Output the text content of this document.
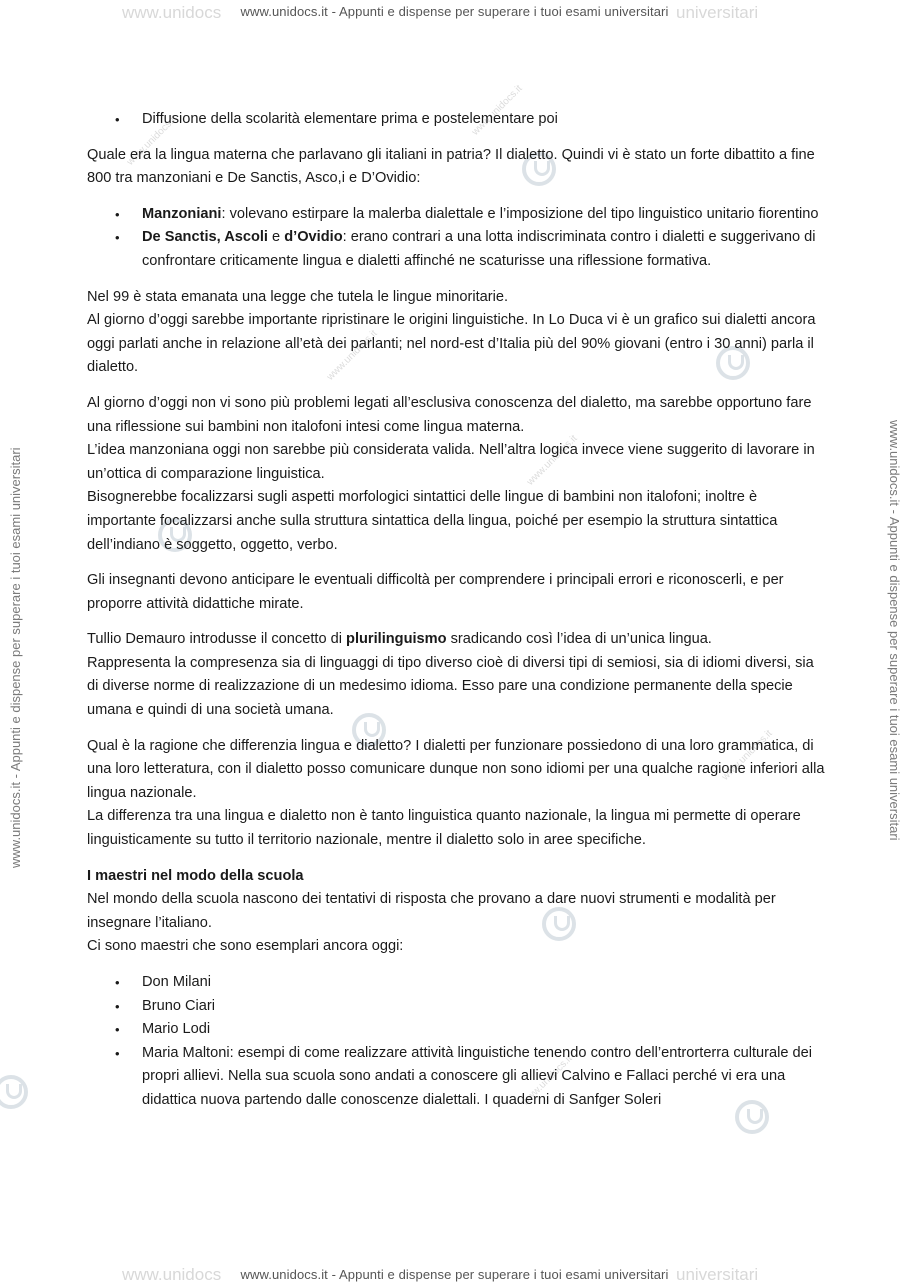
www.unidocs	universitari
www.unidocs	universitari
www.unidocs.it - Appunti e dispense per superare i tuoi esami universitari
www.unidocs.it - Appunti e dispense per superare i tuoi esami universitari
www.unidocs.it - Appunti e dispense per superare i tuoi esami universitari	www.unidocs.it - Appunti e dispense per superare i tuoi esami universitari
www.unidocs.it
www.unidocs.it
www.unidocs.it
www.unidocs.it
www.unidocs.it
www.unidocs.it
• Diffusione della scolarità elementare prima e postelementare poi

Quale era la lingua materna che parlavano gli italiani in patria? Il dialetto. Quindi vi è stato un forte dibattito a fine 800 tra manzoniani e De Sanctis, Asco,i e D’Ovidio:

• Manzoniani: volevano estirpare la malerba dialettale e l’imposizione del tipo linguistico unitario fiorentino
• De Sanctis, Ascoli e d’Ovidio: erano contrari a una lotta indiscriminata contro i dialetti e suggerivano di confrontare criticamente lingua e dialetti affinché ne scaturisse una riflessione formativa.

Nel 99 è stata emanata una legge che tutela le lingue minoritarie.

Al giorno d’oggi sarebbe importante ripristinare le origini linguistiche. In Lo Duca vi è un grafico sui dialetti ancora oggi parlati anche in relazione all’età dei parlanti; nel nord-est d’Italia più del 90% giovani (entro i 30 anni) parla il dialetto.

Al giorno d’oggi non vi sono più problemi legati all’esclusiva conoscenza del dialetto, ma sarebbe opportuno fare una riflessione sui bambini non italofoni intesi come lingua materna.

L’idea manzoniana oggi non sarebbe più considerata valida. Nell’altra logica invece viene suggerito di lavorare in un’ottica di comparazione linguistica.

Bisognerebbe focalizzarsi sugli aspetti morfologici sintattici delle lingue di bambini non italofoni; inoltre è importante focalizzarsi anche sulla struttura sintattica della lingua, poiché per esempio la struttura sintattica dell’indiano è soggetto, oggetto, verbo.

Gli insegnanti devono anticipare le eventuali difficoltà per comprendere i principali errori e riconoscerli, e per proporre attività didattiche mirate.

Tullio Demauro introdusse il concetto di plurilinguismo sradicando così l’idea di un’unica lingua.

Rappresenta la compresenza sia di linguaggi di tipo diverso cioè di diversi tipi di semiosi, sia di idiomi diversi, sia di diverse norme di realizzazione di un medesimo idioma. Esso pare una condizione permanente della specie umana e quindi di una società umana.

Qual è la ragione che differenzia lingua e dialetto? I dialetti per funzionare possiedono di una loro grammatica, di una loro letteratura, con il dialetto posso comunicare dunque non sono idiomi per una qualche ragione inferiori alla lingua nazionale.

La differenza tra una lingua e dialetto non è tanto linguistica quanto nazionale, la lingua mi permette di operare linguisticamente su tutto il territorio nazionale, mentre il dialetto solo in aree specifiche.

I maestri nel modo della scuola

Nel mondo della scuola nascono dei tentativi di risposta che provano a dare nuovi strumenti e modalità per insegnare l’italiano.

Ci sono maestri che sono esemplari ancora oggi:

• Don Milani
• Bruno Ciari
• Mario Lodi
• Maria Maltoni: esempi di come realizzare attività linguistiche tenendo contro dell’entrorterra culturale dei propri allievi. Nella sua scuola sono andati a conoscere gli allievi Calvino e Fallaci perché vi era una didattica nuova partendo dalle conoscenze dialettali. I quaderni di Sanfger Soleri
